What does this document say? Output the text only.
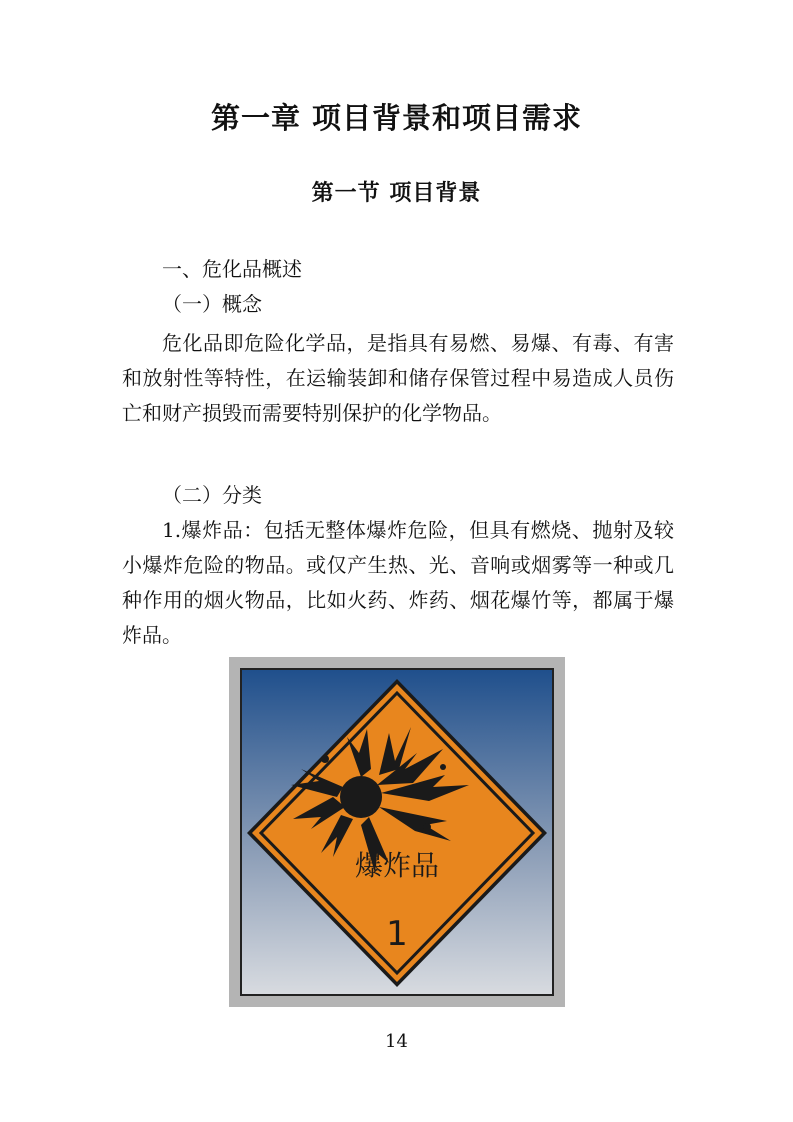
第一章 项目背景和项目需求
第一节 项目背景
一、危化品概述
（一）概念
危化品即危险化学品，是指具有易燃、易爆、有毒、有害和放射性等特性，在运输装卸和储存保管过程中易造成人员伤亡和财产损毁而需要特别保护的化学物品。
（二）分类
1.爆炸品：包括无整体爆炸危险，但具有燃烧、抛射及较小爆炸危险的物品。或仅产生热、光、音响或烟雾等一种或几种作用的烟火物品，比如火药、炸药、烟花爆竹等，都属于爆炸品。
爆炸品
1
14
